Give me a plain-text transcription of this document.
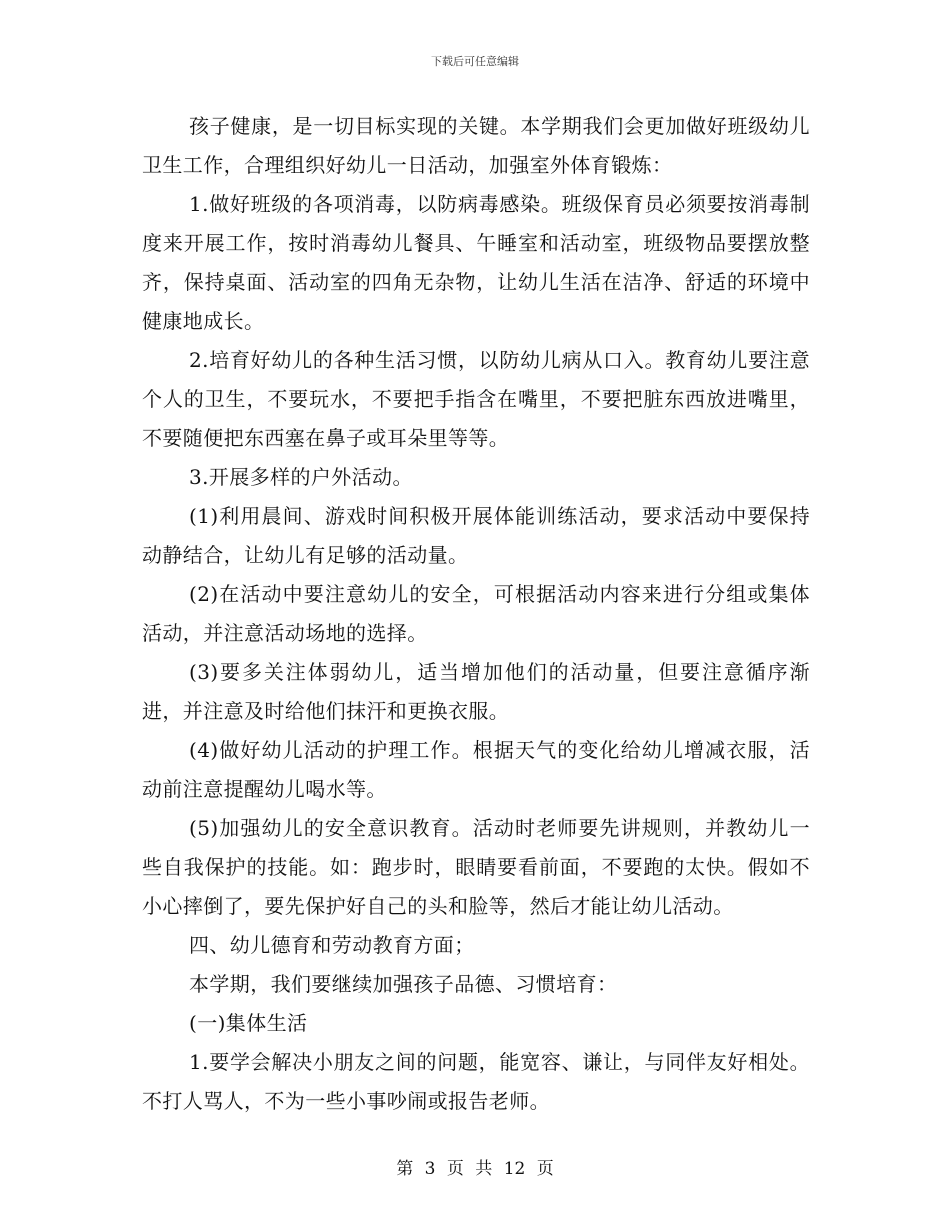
下载后可任意编辑

孩子健康，是一切目标实现的关键。本学期我们会更加做好班级幼儿卫生工作，合理组织好幼儿一日活动，加强室外体育锻炼：

1.做好班级的各项消毒，以防病毒感染。班级保育员必须要按消毒制度来开展工作，按时消毒幼儿餐具、午睡室和活动室，班级物品要摆放整齐，保持桌面、活动室的四角无杂物，让幼儿生活在洁净、舒适的环境中健康地成长。

2.培育好幼儿的各种生活习惯，以防幼儿病从口入。教育幼儿要注意个人的卫生，不要玩水，不要把手指含在嘴里，不要把脏东西放进嘴里，不要随便把东西塞在鼻子或耳朵里等等。

3.开展多样的户外活动。

(1)利用晨间、游戏时间积极开展体能训练活动，要求活动中要保持动静结合，让幼儿有足够的活动量。

(2)在活动中要注意幼儿的安全，可根据活动内容来进行分组或集体活动，并注意活动场地的选择。

(3)要多关注体弱幼儿，适当增加他们的活动量，但要注意循序渐进，并注意及时给他们抹汗和更换衣服。

(4)做好幼儿活动的护理工作。根据天气的变化给幼儿增减衣服，活动前注意提醒幼儿喝水等。

(5)加强幼儿的安全意识教育。活动时老师要先讲规则，并教幼儿一些自我保护的技能。如：跑步时，眼睛要看前面，不要跑的太快。假如不小心摔倒了，要先保护好自己的头和脸等，然后才能让幼儿活动。

四、幼儿德育和劳动教育方面；

本学期，我们要继续加强孩子品德、习惯培育：

(一)集体生活

1.要学会解决小朋友之间的问题，能宽容、谦让，与同伴友好相处。不打人骂人，不为一些小事吵闹或报告老师。

第 3 页 共 12 页
